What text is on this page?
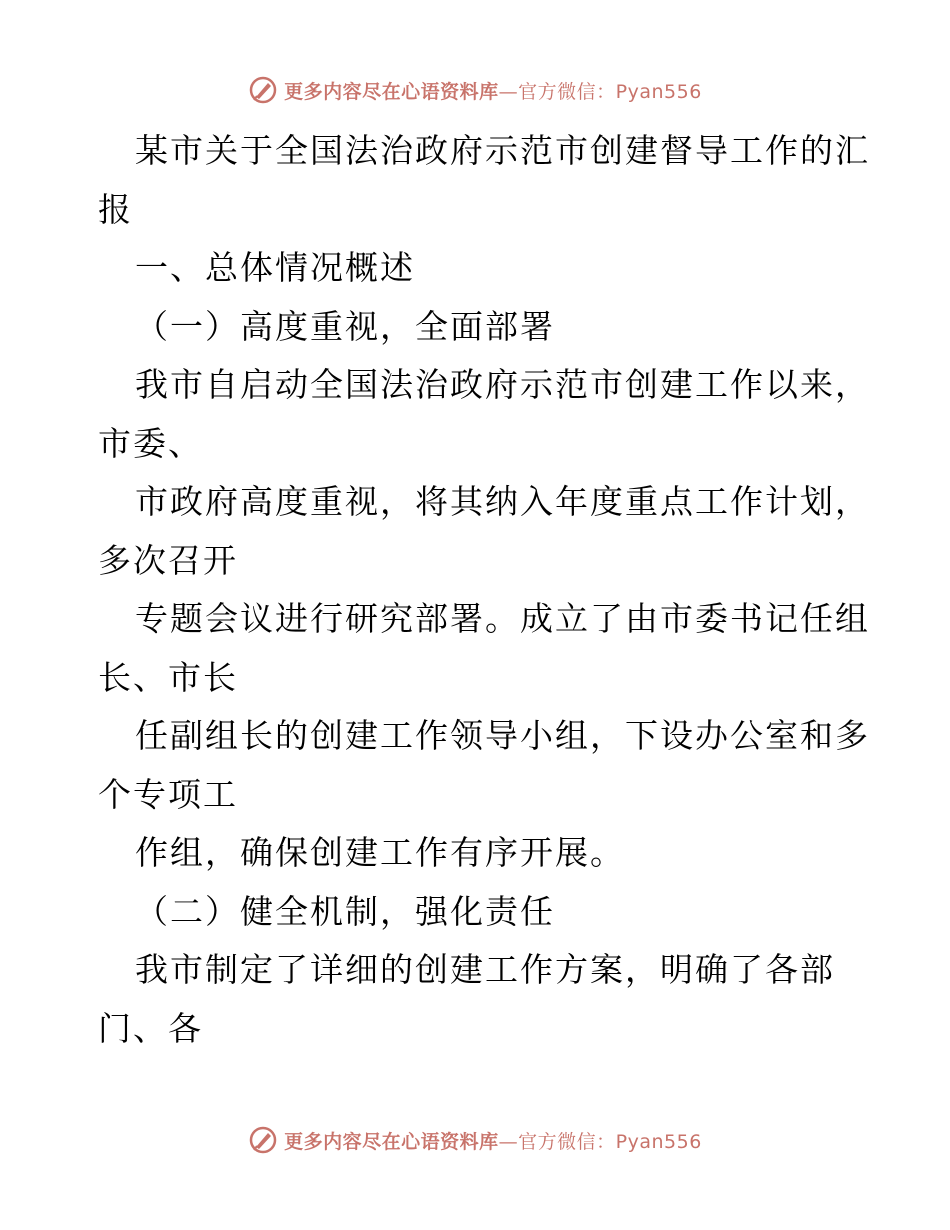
更多内容尽在心语资料库—官方微信：Pyan556
某市关于全国法治政府示范市创建督导工作的汇
报
一、总体情况概述
（一）高度重视，全面部署
我市自启动全国法治政府示范市创建工作以来，
市委、
市政府高度重视，将其纳入年度重点工作计划，
多次召开
专题会议进行研究部署。成立了由市委书记任组
长、市长
任副组长的创建工作领导小组，下设办公室和多
个专项工
作组，确保创建工作有序开展。
（二）健全机制，强化责任
我市制定了详细的创建工作方案，明确了各部
门、各
更多内容尽在心语资料库—官方微信：Pyan556
